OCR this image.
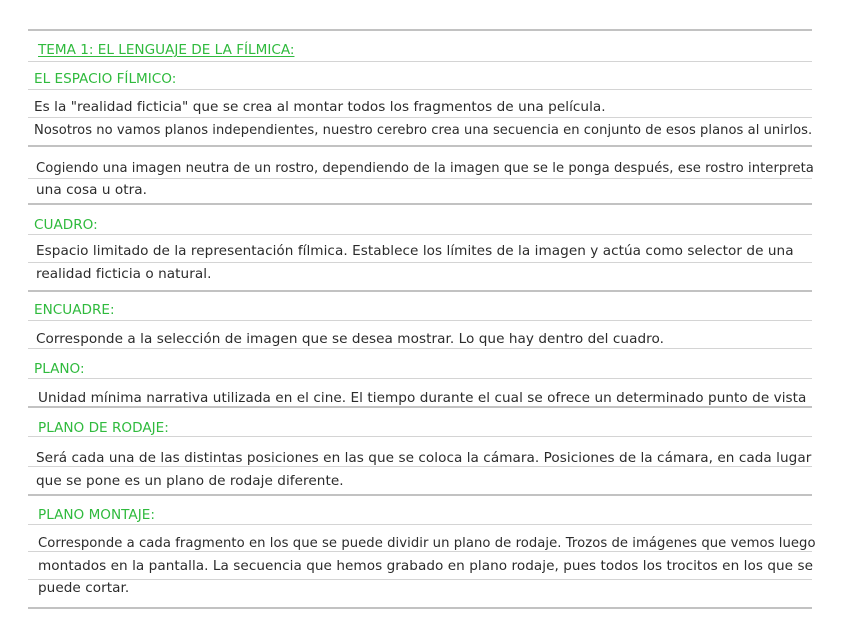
TEMA 1: EL LENGUAJE DE LA FÍLMICA:
EL ESPACIO FÍLMICO:
Es la "realidad ficticia" que se crea al montar todos los fragmentos de una película.
Nosotros no vamos planos independientes, nuestro cerebro crea una secuencia en conjunto de esos planos al unirlos.
Cogiendo una imagen neutra de un rostro, dependiendo de la imagen que se le ponga después, ese rostro interpreta
una cosa u otra.
CUADRO:
Espacio limitado de la representación fílmica. Establece los límites de la imagen y actúa como selector de una
realidad ficticia o natural.
ENCUADRE:
Corresponde a la selección de imagen que se desea mostrar. Lo que hay dentro del cuadro.
PLANO:
Unidad mínima narrativa utilizada en el cine. El tiempo durante el cual se ofrece un determinado punto de vista
PLANO DE RODAJE:
Será cada una de las distintas posiciones en las que se coloca la cámara. Posiciones de la cámara, en cada lugar
que se pone es un plano de rodaje diferente.
PLANO MONTAJE:
Corresponde a cada fragmento en los que se puede dividir un plano de rodaje. Trozos de imágenes que vemos luego
montados en la pantalla. La secuencia que hemos grabado en plano rodaje, pues todos los trocitos en los que se
puede cortar.
